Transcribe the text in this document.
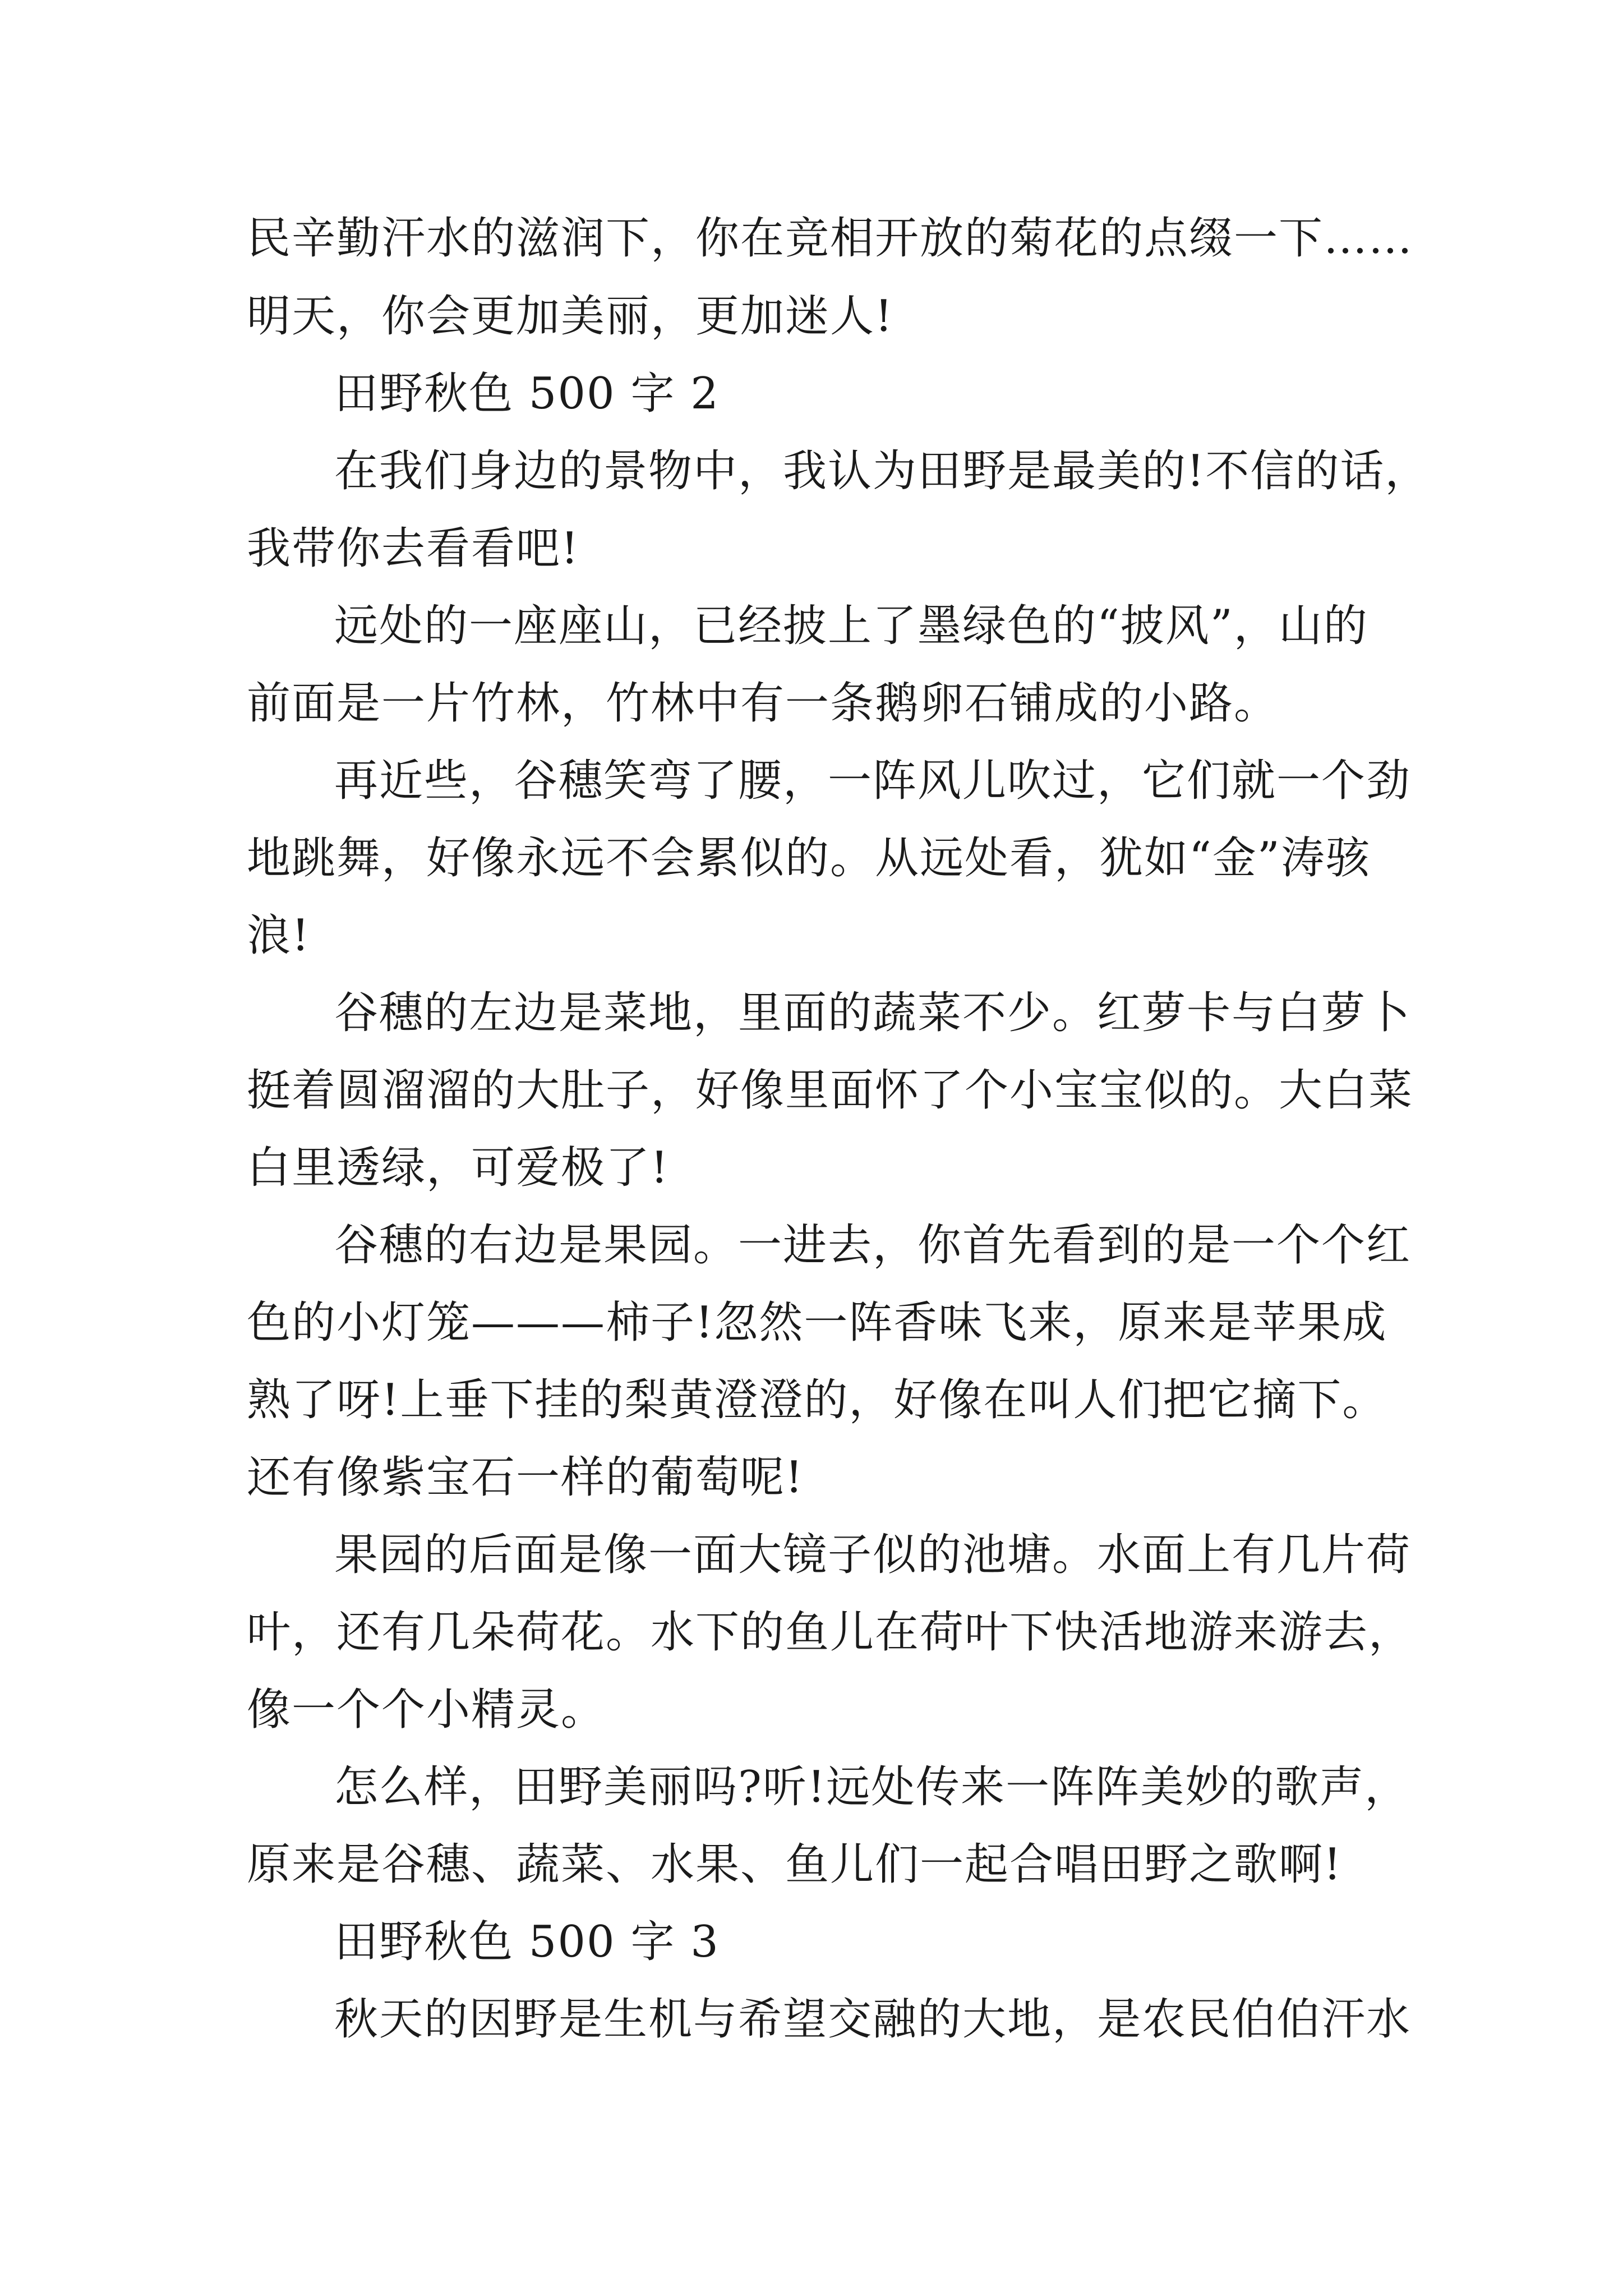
民辛勤汗水的滋润下，你在竞相开放的菊花的点缀一下……
明天，你会更加美丽，更加迷人!
田野秋色 500 字 2
在我们身边的景物中，我认为田野是最美的!不信的话，
我带你去看看吧!
远处的一座座山，已经披上了墨绿色的“披风”，山的
前面是一片竹林，竹林中有一条鹅卵石铺成的小路。
再近些，谷穗笑弯了腰，一阵风儿吹过，它们就一个劲
地跳舞，好像永远不会累似的。从远处看，犹如“金”涛骇
浪!
谷穗的左边是菜地，里面的蔬菜不少。红萝卡与白萝卜
挺着圆溜溜的大肚子，好像里面怀了个小宝宝似的。大白菜
白里透绿，可爱极了!
谷穗的右边是果园。一进去，你首先看到的是一个个红
色的小灯笼———柿子!忽然一阵香味飞来，原来是苹果成
熟了呀!上垂下挂的梨黄澄澄的，好像在叫人们把它摘下。
还有像紫宝石一样的葡萄呢!
果园的后面是像一面大镜子似的池塘。水面上有几片荷
叶，还有几朵荷花。水下的鱼儿在荷叶下快活地游来游去，
像一个个小精灵。
怎么样，田野美丽吗?听!远处传来一阵阵美妙的歌声，
原来是谷穗、蔬菜、水果、鱼儿们一起合唱田野之歌啊!
田野秋色 500 字 3
秋天的因野是生机与希望交融的大地，是农民伯伯汗水
